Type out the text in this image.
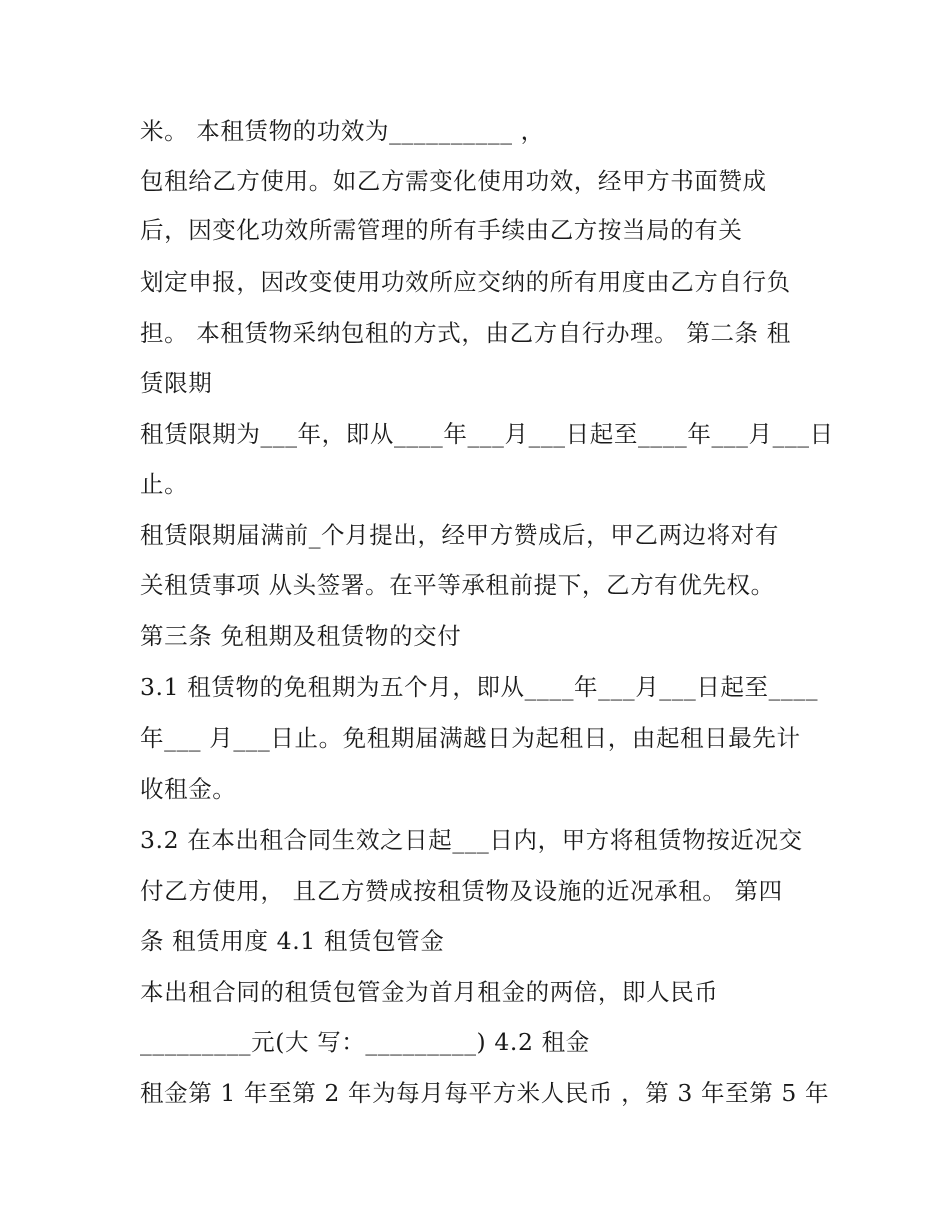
米。 本租赁物的功效为__________ ，

包租给乙方使用。如乙方需变化使用功效，经甲方书面赞成

后，因变化功效所需管理的所有手续由乙方按当局的有关

划定申报，因改变使用功效所应交纳的所有用度由乙方自行负

担。 本租赁物采纳包租的方式，由乙方自行办理。 第二条 租

赁限期

租赁限期为___年，即从____年___月___日起至____年___月___日

止。

租赁限期届满前_个月提出，经甲方赞成后，甲乙两边将对有

关租赁事项 从头签署。在平等承租前提下，乙方有优先权。

第三条 免租期及租赁物的交付

3.1 租赁物的免租期为五个月，即从____年___月___日起至____

年___ 月___日止。免租期届满越日为起租日，由起租日最先计

收租金。

3.2 在本出租合同生效之日起___日内，甲方将租赁物按近况交

付乙方使用， 且乙方赞成按租赁物及设施的近况承租。 第四

条 租赁用度 4.1 租赁包管金

本出租合同的租赁包管金为首月租金的两倍，即人民币

_________元(大 写：_________) 4.2 租金

租金第 1 年至第 2 年为每月每平方米人民币 ，第 3 年至第 5 年
